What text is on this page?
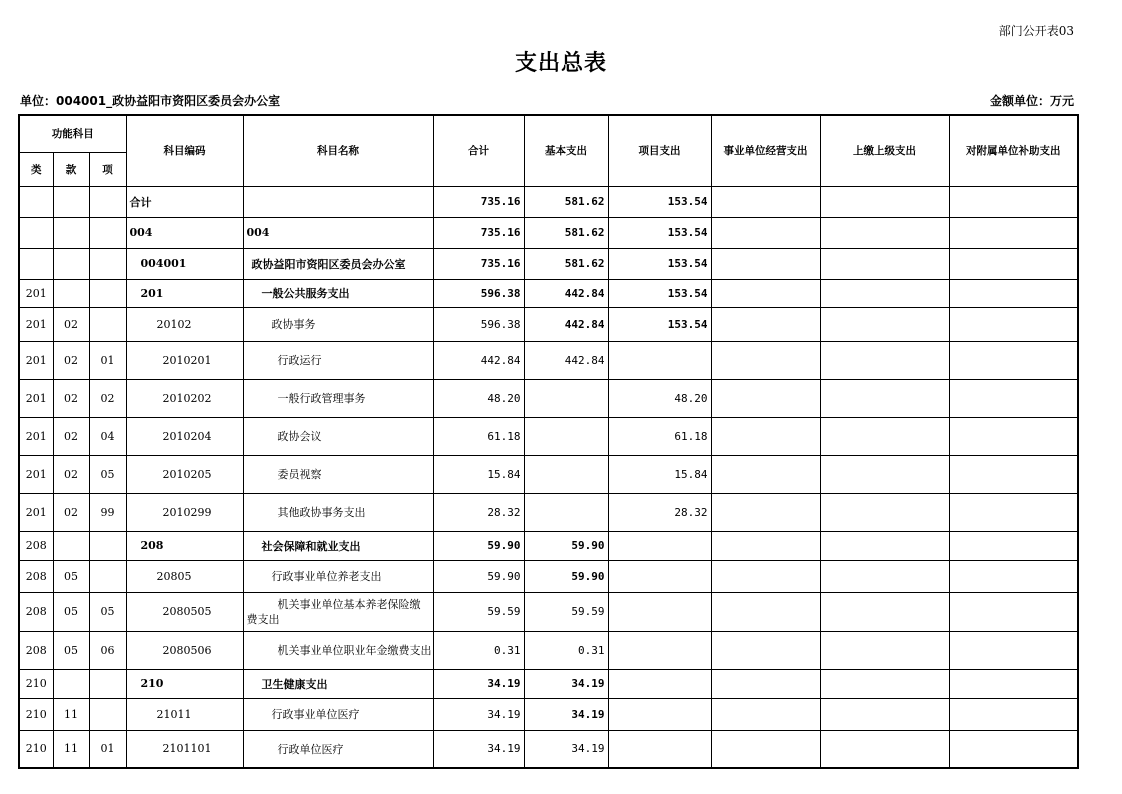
部门公开表03
支出总表
单位：004001_政协益阳市资阳区委员会办公室	金额单位：万元
功能科目			科目编码	科目名称	合计	基本支出	项目支出	事业单位经营支出	上缴上级支出	对附属单位补助支出
类	款	项								
			合计		735.16	581.62	153.54			
			004	004	735.16	581.62	153.54			
			004001	政协益阳市资阳区委员会办公室	735.16	581.62	153.54			
201			201	一般公共服务支出	596.38	442.84	153.54			
201	02		20102	政协事务	596.38	442.84	153.54			
201	02	01	2010201	行政运行	442.84	442.84				
201	02	02	2010202	一般行政管理事务	48.20		48.20			
201	02	04	2010204	政协会议	61.18		61.18			
201	02	05	2010205	委员视察	15.84		15.84			
201	02	99	2010299	其他政协事务支出	28.32		28.32			
208			208	社会保障和就业支出	59.90	59.90				
208	05		20805	行政事业单位养老支出	59.90	59.90				
208	05	05	2080505	机关事业单位基本养老保险缴费支出	59.59	59.59				
208	05	06	2080506	机关事业单位职业年金缴费支出	0.31	0.31				
210			210	卫生健康支出	34.19	34.19				
210	11		21011	行政事业单位医疗	34.19	34.19				
210	11	01	2101101	行政单位医疗	34.19	34.19				
